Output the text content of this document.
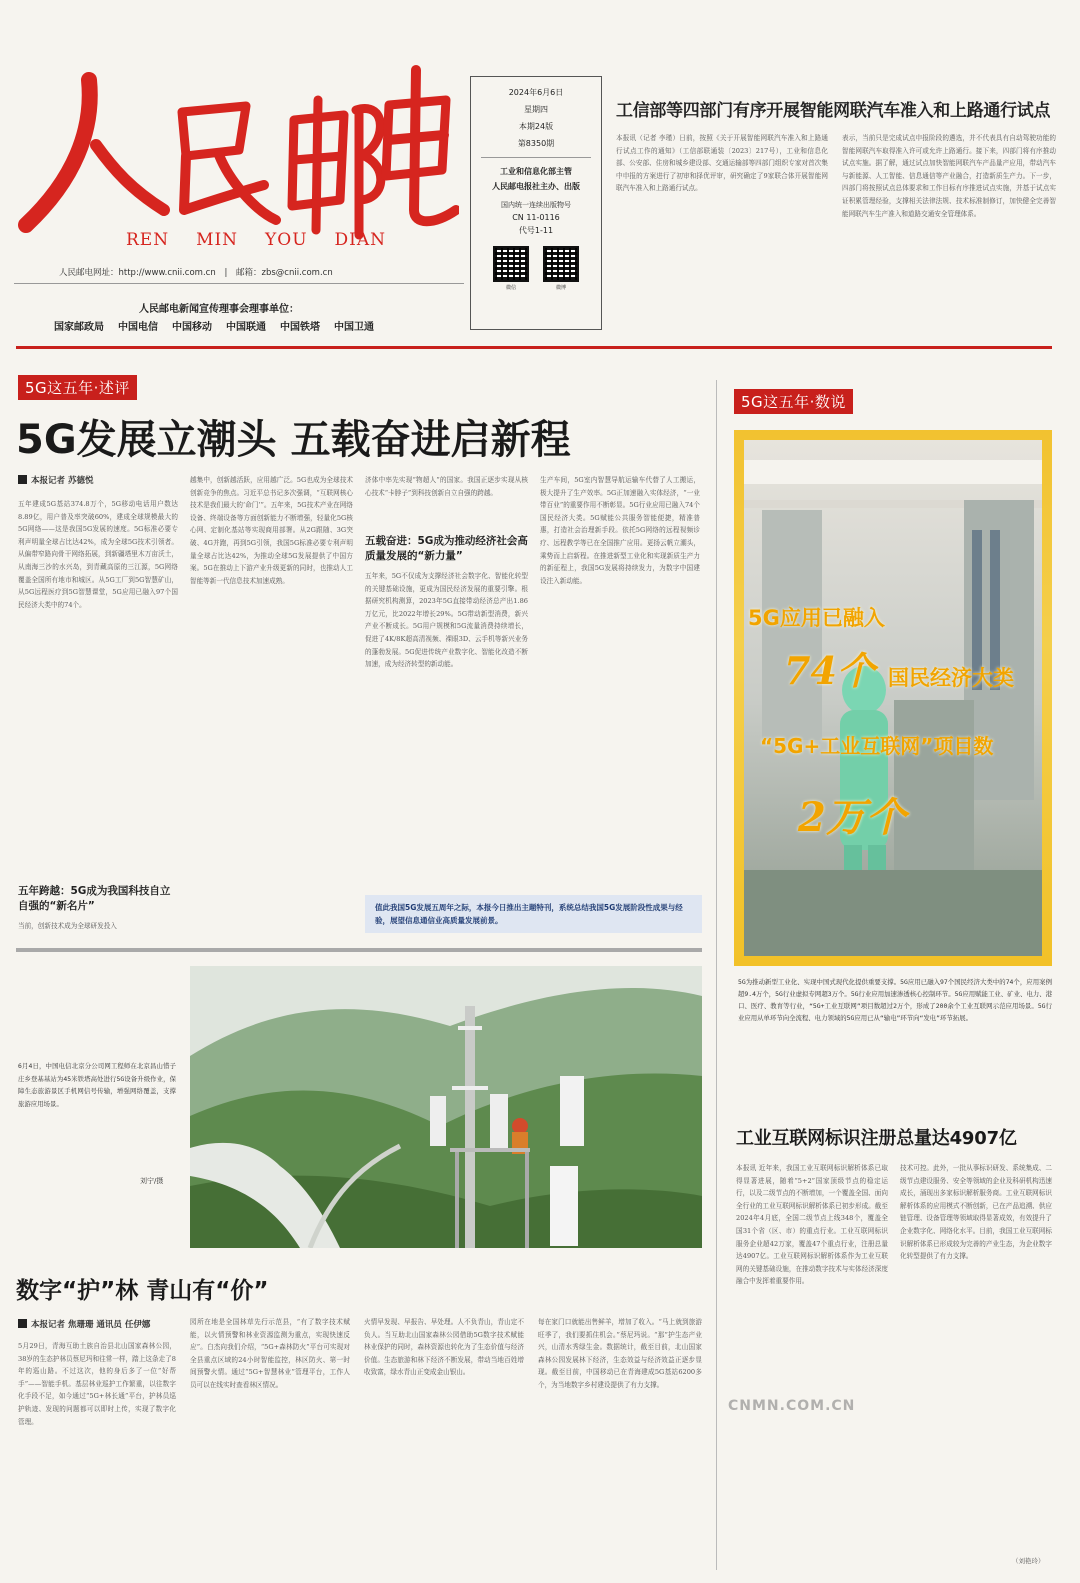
REN MIN YOU DIAN
人民邮电网址：http://www.cnii.com.cn | 邮箱：zbs@cnii.com.cn
人民邮电新闻宣传理事会理事单位：
国家邮政局 中国电信 中国移动 中国联通 中国铁塔 中国卫通
2024年6月6日
星期四
本期24版
第8350期
工业和信息化部主管
人民邮电报社主办、出版
国内统一连续出版物号
CN 11-0116
代号1-11
微信	微博
工信部等四部门有序开展智能网联汽车准入和上路通行试点
本报讯（记者 李瑾）日前，按照《关于开展智能网联汽车准入和上路通行试点工作的通知》（工信部联通装〔2023〕217号），工业和信息化部、公安部、住房和城乡建设部、交通运输部等四部门组织专家对首次集中申报的方案进行了初审和择优评审，研究确定了9家联合体开展智能网联汽车准入和上路通行试点。
表示，当前只是完成试点申报阶段的遴选，并不代表具有自动驾驶功能的智能网联汽车取得准入许可或允许上路通行。接下来，四部门将有序推动试点实施。据了解，通过试点加快智能网联汽车产品量产应用，带动汽车与新能源、人工智能、信息通信等产业融合，打造新质生产力。下一步，四部门将按照试点总体要求和工作目标有序推进试点实施，并基于试点实证积累管理经验，支撑相关法律法规、技术标准制修订，加快健全完善智能网联汽车生产准入和道路交通安全管理体系。
5G这五年·述评
5G发展立潮头 五载奋进启新程
本报记者 苏德悦
五年建成5G基站374.8万个，5G移动电话用户数达8.89亿，用户普及率突破60%，建成全球规模最大的5G网络——这是我国5G发展的速度。5G标准必要专利声明量全球占比达42%，成为全球5G技术引领者。从偏带窄路向骨干网络拓展，到新疆塔里木万亩沃土，从南海三沙的水兴岛，到青藏高原的三江源，5G网络覆盖全国所有地市和城区。从5G工厂到5G智慧矿山，从5G远程医疗到5G智慧课堂，5G应用已融入97个国民经济大类中的74个。
五年跨越：5G成为我国科技自立自强的“新名片”
当前，创新技术成为全球研发投入
越集中，创新越活跃，应用越广泛。5G也成为全球技术创新竞争的焦点。习近平总书记多次强调，“互联网核心技术是我们最大的‘命门’”。五年来，5G技术产业在网络设备、终端设备等方面创新能力不断增强，轻量化5G核心网、定制化基站等实现商用部署。从2G跟随、3G突破、4G并跑，再到5G引领，我国5G标准必要专利声明量全球占比达42%，为推动全球5G发展提供了中国方案。5G在推动上下游产业升级更新的同时，也推动人工智能等新一代信息技术加速成熟。
济体中率先实现“物超人”的国家。我国正逐步实现从核心技术“卡脖子”到科技创新自立自强的跨越。
五载奋进：5G成为推动经济社会高质量发展的“新力量”
五年来，5G不仅成为支撑经济社会数字化、智能化转型的关键基础设施，更成为国民经济发展的重要引擎。根据研究机构测算，2023年5G直接带动经济总产出1.86万亿元，比2022年增长29%。5G带动新型消费，新兴产业不断成长。5G用户规模和5G流量消费持续增长，促进了4K/8K超高清视频、裸眼3D、云手机等新兴业务的蓬勃发展。5G促进传统产业数字化、智能化改造不断加速，成为经济转型的新动能。
生产车间，5G室内智慧导航运输车代替了人工搬运，极大提升了生产效率。5G正加速融入实体经济，“一业带百业”的重要作用不断彰显。5G行业应用已融入74个国民经济大类。5G赋能公共服务智能便捷，精准普惠，打造社会治理新手段。依托5G网络的远程视频诊疗、远程教学等已在全国推广应用。更扬云帆立潮头，乘势而上启新程。在推进新型工业化和实现新质生产力的新征程上，我国5G发展将持续发力，为数字中国建设注入新动能。
值此我国5G发展五周年之际，本报今日推出主题特刊，系统总结我国5G发展阶段性成果与经验，展望信息通信业高质量发展前景。
5G这五年·数说
5G应用已融入
74个 国民经济大类
“5G+工业互联网”项目数
2万个
5G为推动新型工业化、实现中国式现代化提供重要支撑。5G应用已融入97个国民经济大类中的74个，应用案例超9.4万个，5G行业虚拟专网超3万个。5G行业应用加速渗透核心控制环节。5G应用赋能工业、矿业、电力、港口、医疗、教育等行业，“5G+工业互联网”项目数超过2万个，形成了200余个工业互联网示范应用场景。5G行业应用从单环节向全流程、电力领域的5G应用已从“输电”环节向“发电”环节拓展。
6月4日，中国电信北京分公司网工程师在北京昌山惜子庄乡登基基站为45米铁塔高处进行5G设备升级作业，保障生态旅游景区手机网信号传输，增强网络覆盖，支撑旅游应用场景。
刘宁/摄
数字“护”林 青山有“价”
本报记者 焦珊珊 通讯员 任伊娜
5月29日，青海互助土族自治县北山国家森林公园，38岁的生态护林员蔡尼玛和往常一样，踏上这条走了8年的巡山路。不过这次，他的身后多了一位“好帮手”——智能手机。基层林业巡护工作繁重，以往数字化手段不足，如今通过“5G+林长通”平台，护林员巡护轨迹、发现的问题都可以即时上传，实现了数字化管理。
园所在地是全国林草先行示范县，“有了数字技术赋能，以火情预警和林业资源监测为重点，实现快速反应”。白杰向我们介绍，“5G+森林防火”平台可实现对全县重点区域的24小时智能监控，林区防火、第一时间预警火情。通过“5G+智慧林业”管理平台，工作人员可以在线实时查看林区情况。
火情早发现、早报告、早处理。人不负青山，青山定不负人。当互助北山国家森林公园借助5G数字技术赋能林业保护的同时，森林资源也转化为了生态价值与经济价值。生态旅游和林下经济不断发展，带动当地百姓增收致富，绿水青山正变成金山银山。
每在家门口就能出售鲜羊，增加了收入。“马上就到旅游旺季了，我们要抓住机会。”蔡尼玛说。“那”护生态产业兴，山清水秀绿生金。数据统计，截至目前，北山国家森林公园发展林下经济，生态效益与经济效益正逐步显现。截至目前，中国移动已在青海建成5G基站6200多个，为当地数字乡村建设提供了有力支撑。
工业互联网标识注册总量达4907亿
本报讯 近年来，我国工业互联网标识解析体系已取得显著进展，随着“5+2”国家顶级节点的稳定运行，以及二级节点的不断增加，一个覆盖全国、面向全行业的工业互联网标识解析体系已初步形成。截至2024年4月底，全国二级节点上线348个，覆盖全国31个省（区、市）的重点行业。工业互联网标识服务企业超42万家，覆盖47个重点行业，注册总量达4907亿。工业互联网标识解析体系作为工业互联网的关键基础设施，在推动数字技术与实体经济深度融合中发挥着重要作用。
技术可控。此外，一批从事标识研发、系统集成、二级节点建设服务、安全等领域的企业及科研机构迅速成长，涌现出多家标识解析服务商。工业互联网标识解析体系的应用模式不断创新，已在产品追溯、供应链管理、设备管理等领域取得显著成效，有效提升了企业数字化、网络化水平。目前，我国工业互联网标识解析体系已形成较为完善的产业生态，为企业数字化转型提供了有力支撑。
（刘艳玲）
CNMN.COM.CN
